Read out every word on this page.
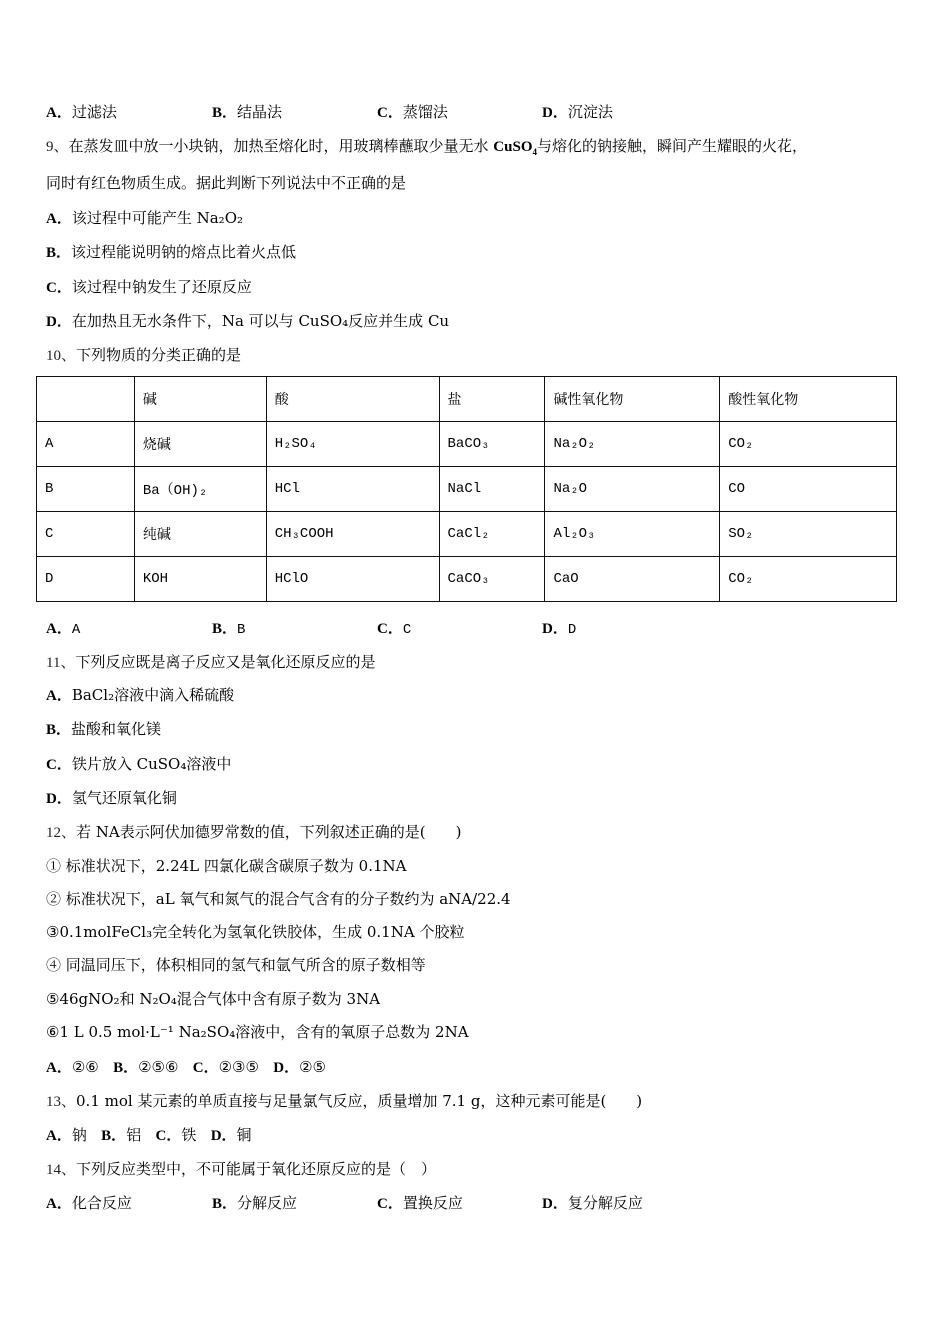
A．过滤法	B．结晶法	C．蒸馏法	D．沉淀法
9、在蒸发皿中放一小块钠，加热至熔化时，用玻璃棒蘸取少量无水 CuSO$_4$与熔化的钠接触，瞬间产生耀眼的火花，
同时有红色物质生成。据此判断下列说法中不正确的是
A．该过程中可能产生 Na₂O₂
B．该过程能说明钠的熔点比着火点低
C．该过程中钠发生了还原反应
D．在加热且无水条件下，Na 可以与 CuSO₄反应并生成 Cu
10、下列物质的分类正确的是
	碱	酸	盐	碱性氧化物	酸性氧化物
A	烧碱	H₂SO₄	BaCO₃	Na₂O₂	CO₂
B	Ba（OH)₂	HCl	NaCl	Na₂O	CO
C	纯碱	CH₃COOH	CaCl₂	Al₂O₃	SO₂
D	KOH	HClO	CaCO₃	CaO	CO₂
A．A	B．B	C．C	D．D
11、下列反应既是离子反应又是氧化还原反应的是
A．BaCl₂溶液中滴入稀硫酸
B．盐酸和氧化镁
C．铁片放入 CuSO₄溶液中
D．氢气还原氧化铜
12、若 NA表示阿伏加德罗常数的值，下列叙述正确的是(　　)
① 标准状况下，2.24L 四氯化碳含碳原子数为 0.1NA
② 标准状况下，aL 氧气和氮气的混合气含有的分子数约为 aNA/22.4
③0.1molFeCl₃完全转化为氢氧化铁胶体，生成 0.1NA 个胶粒
④ 同温同压下，体积相同的氢气和氩气所含的原子数相等
⑤46gNO₂和 N₂O₄混合气体中含有原子数为 3NA
⑥1 L 0.5 mol·L⁻¹ Na₂SO₄溶液中，含有的氧原子总数为 2NA
A．②⑥ B．②⑤⑥ C．②③⑤ D．②⑤
13、0.1 mol 某元素的单质直接与足量氯气反应，质量增加 7.1 g，这种元素可能是(　　)
A．钠 B．铝 C．铁 D．铜
14、下列反应类型中，不可能属于氧化还原反应的是（　）
A．化合反应	B．分解反应	C．置换反应	D．复分解反应
